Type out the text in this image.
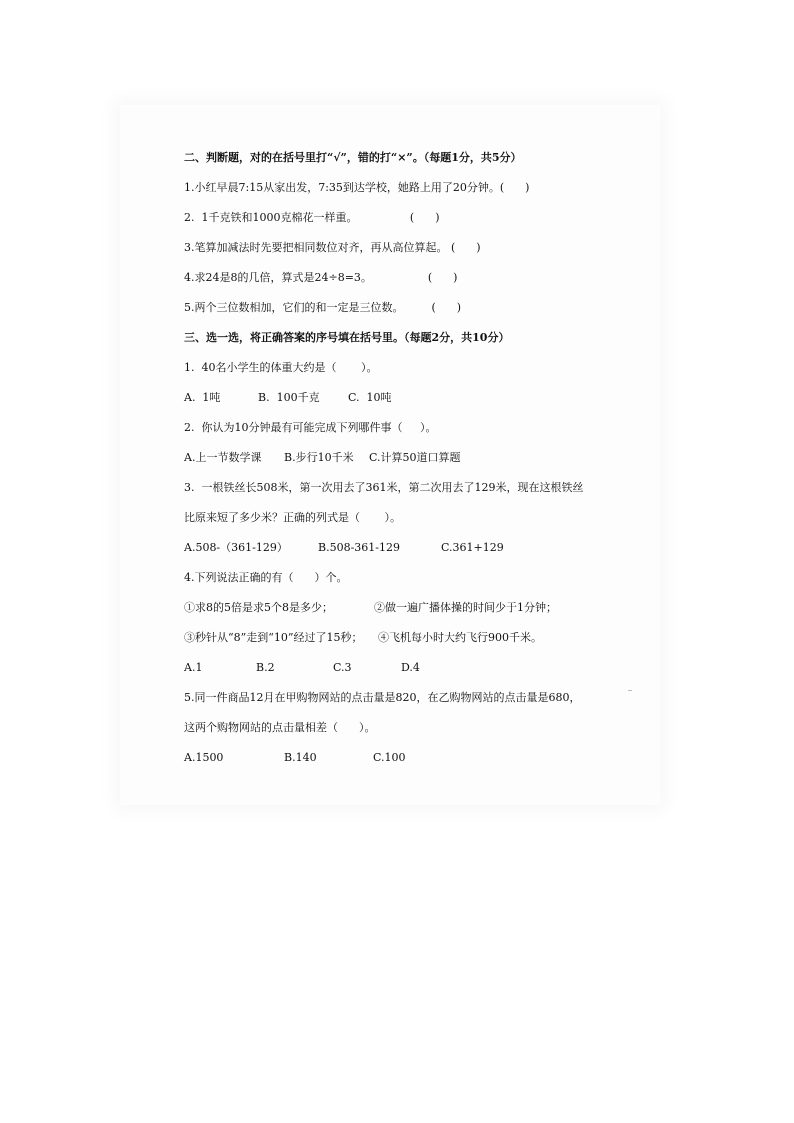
二、判断题，对的在括号里打“√”，错的打“×”。（每题1分，共5分）
1.小红早晨7:15从家出发，7:35到达学校，她路上用了20分钟。(      )
2.  1千克铁和1000克棉花一样重。               (      )
3.笔算加减法时先要把相同数位对齐，再从高位算起。 (      )
4.求24是8的几倍，算式是24÷8=3。                (      )
5.两个三位数相加，它们的和一定是三位数。        (      )
三、选一选，将正确答案的序号填在括号里。（每题2分，共10分）
1.  40名小学生的体重大约是（       ）。
A.  1吨	B.  100千克	C.  10吨
2.  你认为10分钟最有可能完成下列哪件事（     ）。
A.上一节数学课 B.步行10千米 C.计算50道口算题
3.  一根铁丝长508米，第一次用去了361米，第二次用去了129米，现在这根铁丝
比原来短了多少米？正确的列式是（       ）。
A.508-（361-129）	B.508-361-129	C.361+129
4.下列说法正确的有（      ）个。
①求8的5倍是求5个8是多少；	②做一遍广播体操的时间少于1分钟；
③秒针从“8”走到“10”经过了15秒； ④飞机每小时大约飞行900千米。
A.1	B.2	C.3	D.4
5.同一件商品12月在甲购物网站的点击量是820，在乙购物网站的点击量是680，
这两个购物网站的点击量相差（      ）。
A.1500	B.140	C.100
